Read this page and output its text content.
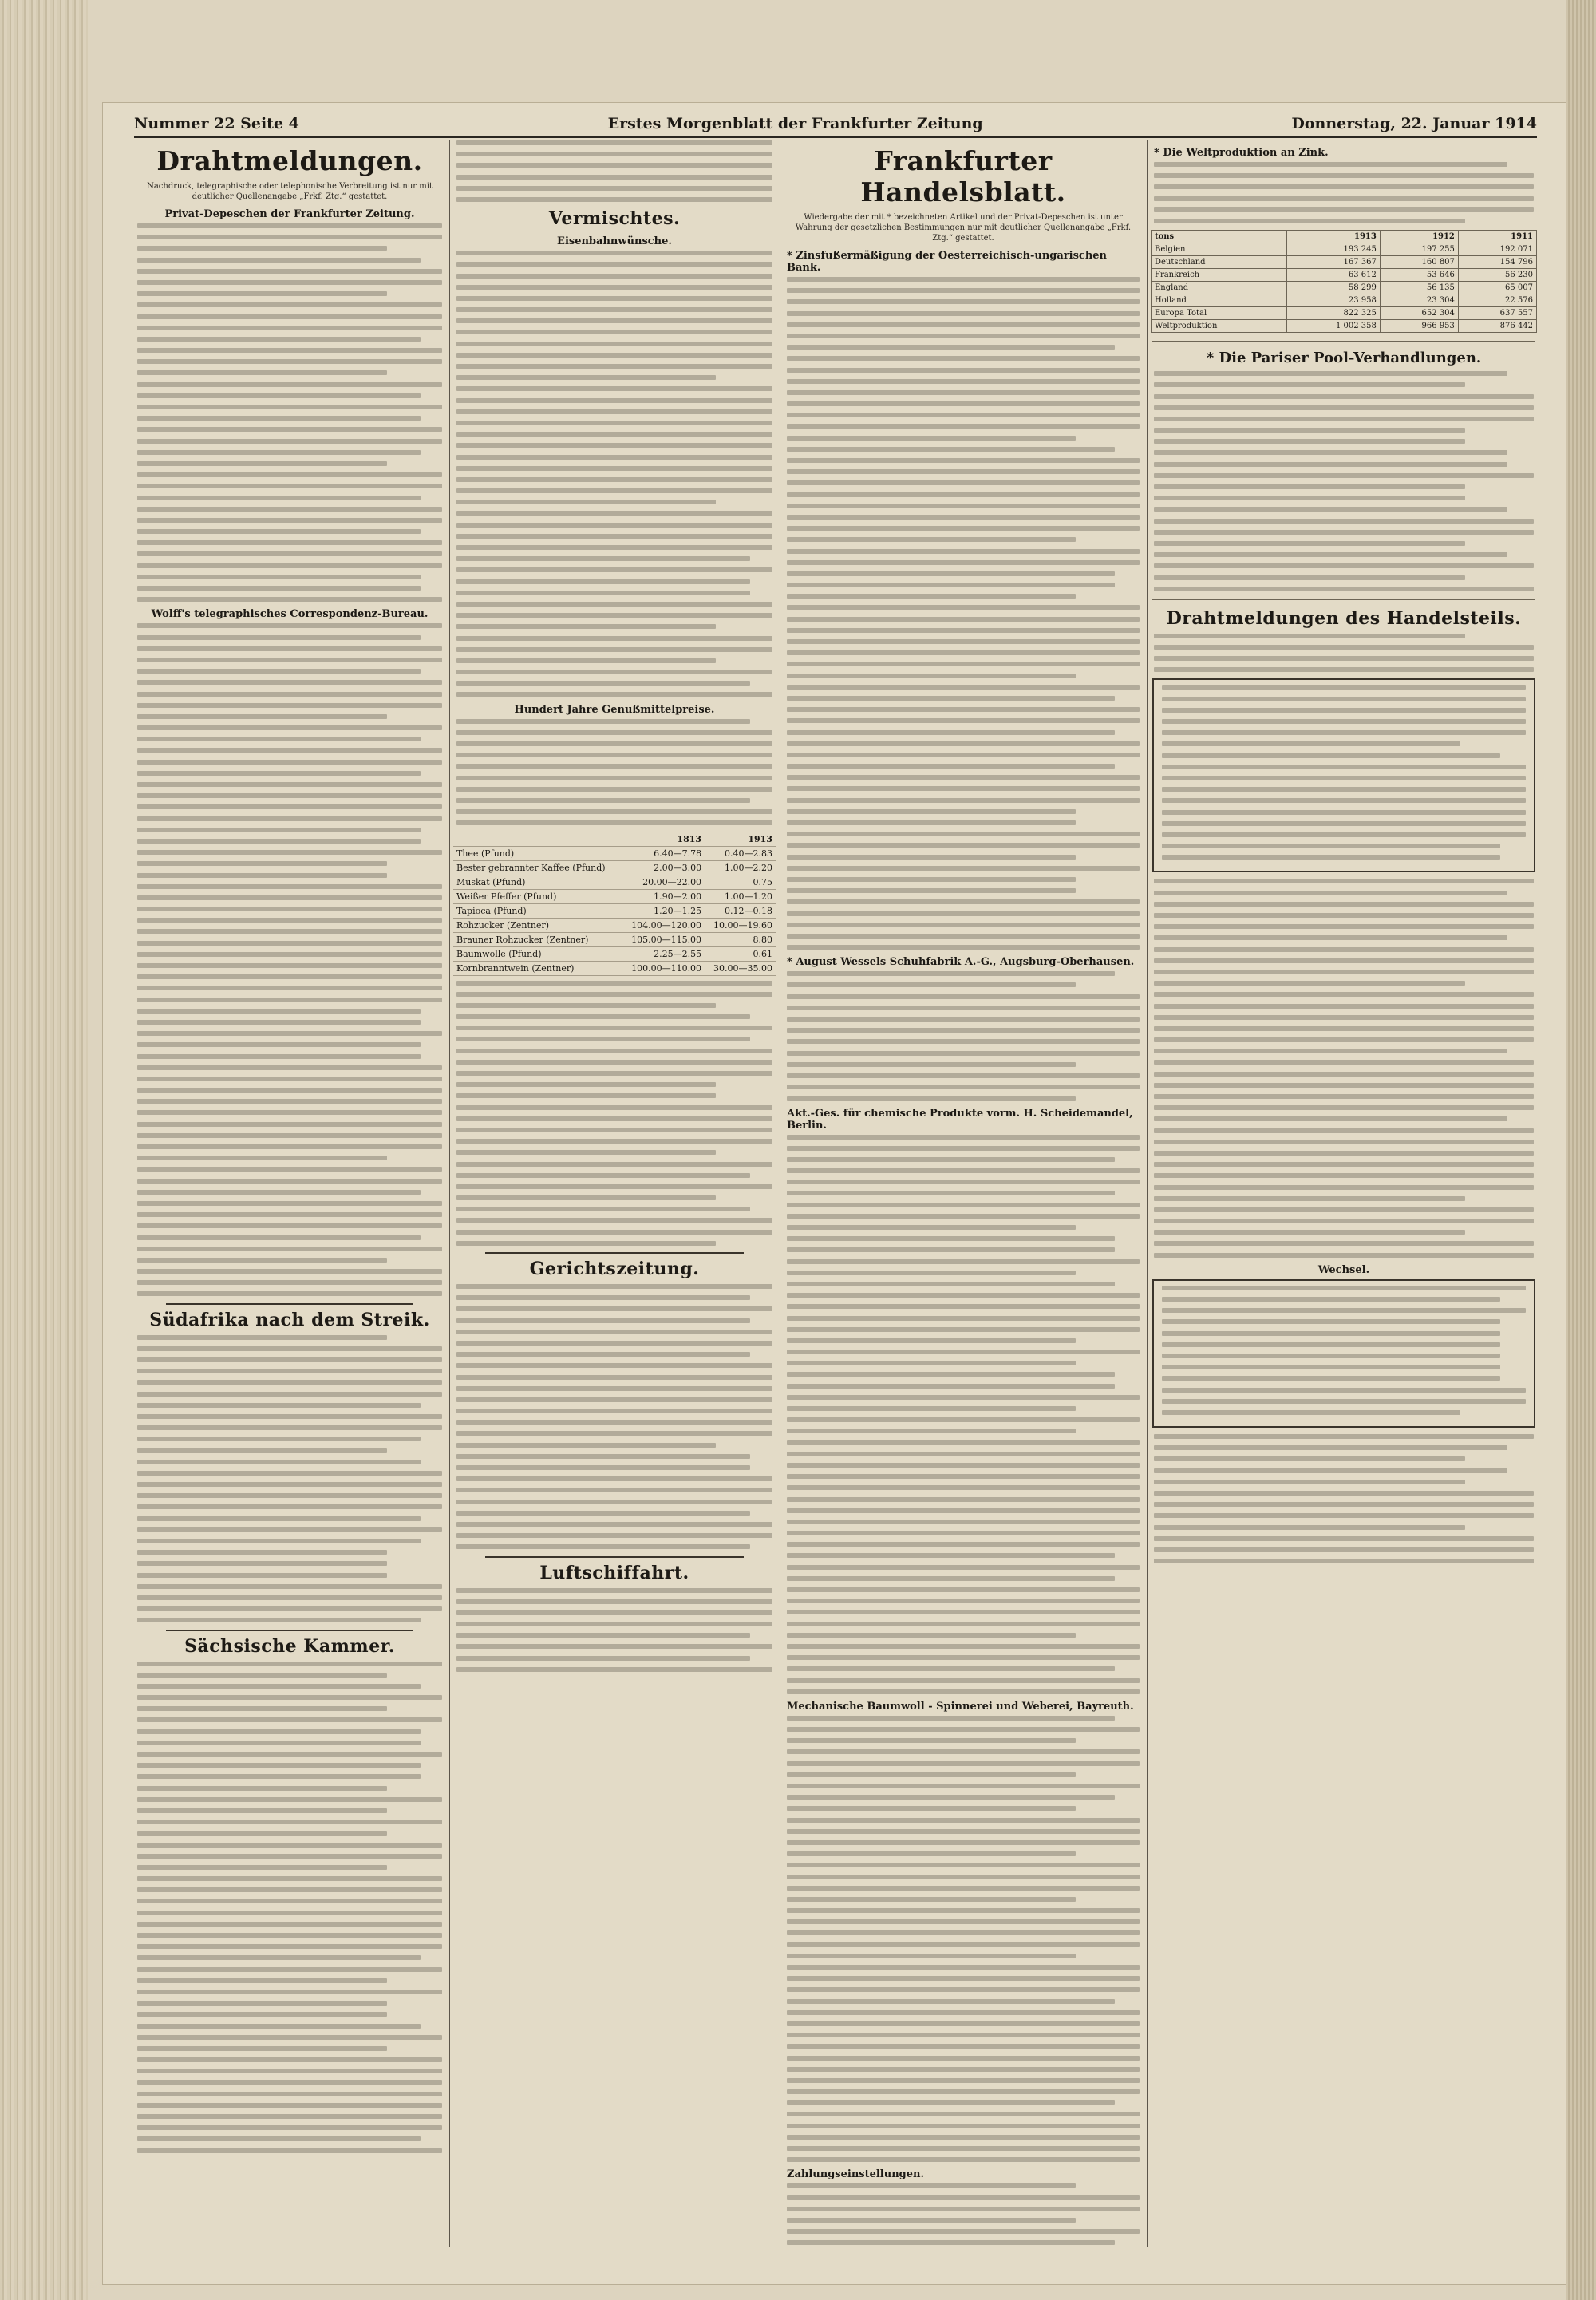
Nummer 22 Seite 4	Erstes Morgenblatt der Frankfurter Zeitung	Donnerstag, 22. Januar 1914
Drahtmeldungen.
Nachdruck, telegraphische oder telephonische Verbreitung ist nur mit deutlicher Quellenangabe „Frkf. Ztg.“ gestattet.
Privat-Depeschen der Frankfurter Zeitung.
Wolff's telegraphisches Correspondenz-Bureau.
Südafrika nach dem Streik.
Sächsische Kammer.
Vermischtes.
Eisenbahnwünsche.
Hundert Jahre Genußmittelpreise.
	1813	1913
Thee (Pfund)	6.40—7.78	0.40—2.83
Bester gebrannter Kaffee (Pfund)	2.00—3.00	1.00—2.20
Muskat (Pfund)	20.00—22.00	0.75
Weißer Pfeffer (Pfund)	1.90—2.00	1.00—1.20
Tapioca (Pfund)	1.20—1.25	0.12—0.18
Rohzucker (Zentner)	104.00—120.00	10.00—19.60
Brauner Rohzucker (Zentner)	105.00—115.00	8.80
Baumwolle (Pfund)	2.25—2.55	0.61
Kornbranntwein (Zentner)	100.00—110.00	30.00—35.00
Gerichtszeitung.
Luftschiffahrt.
Frankfurter Handelsblatt.
Wiedergabe der mit * bezeichneten Artikel und der Privat-Depeschen ist unter Wahrung der gesetzlichen Bestimmungen nur mit deutlicher Quellenangabe „Frkf. Ztg.“ gestattet.
* Zinsfußermäßigung der Oesterreichisch-ungarischen Bank.
* August Wessels Schuhfabrik A.-G., Augsburg-Oberhausen.
Akt.-Ges. für chemische Produkte vorm. H. Scheidemandel, Berlin.
Mechanische Baumwoll - Spinnerei und Weberei, Bayreuth.
Zahlungseinstellungen.
* Die Weltproduktion an Zink.
tons	1913	1912	1911
Belgien	193 245	197 255	192 071
Deutschland	167 367	160 807	154 796
Frankreich	63 612	53 646	56 230
England	58 299	56 135	65 007
Holland	23 958	23 304	22 576
Europa Total	822 325	652 304	637 557
Weltproduktion	1 002 358	966 953	876 442
* Die Pariser Pool-Verhandlungen.
Drahtmeldungen des Handelsteils.
Wechsel.
